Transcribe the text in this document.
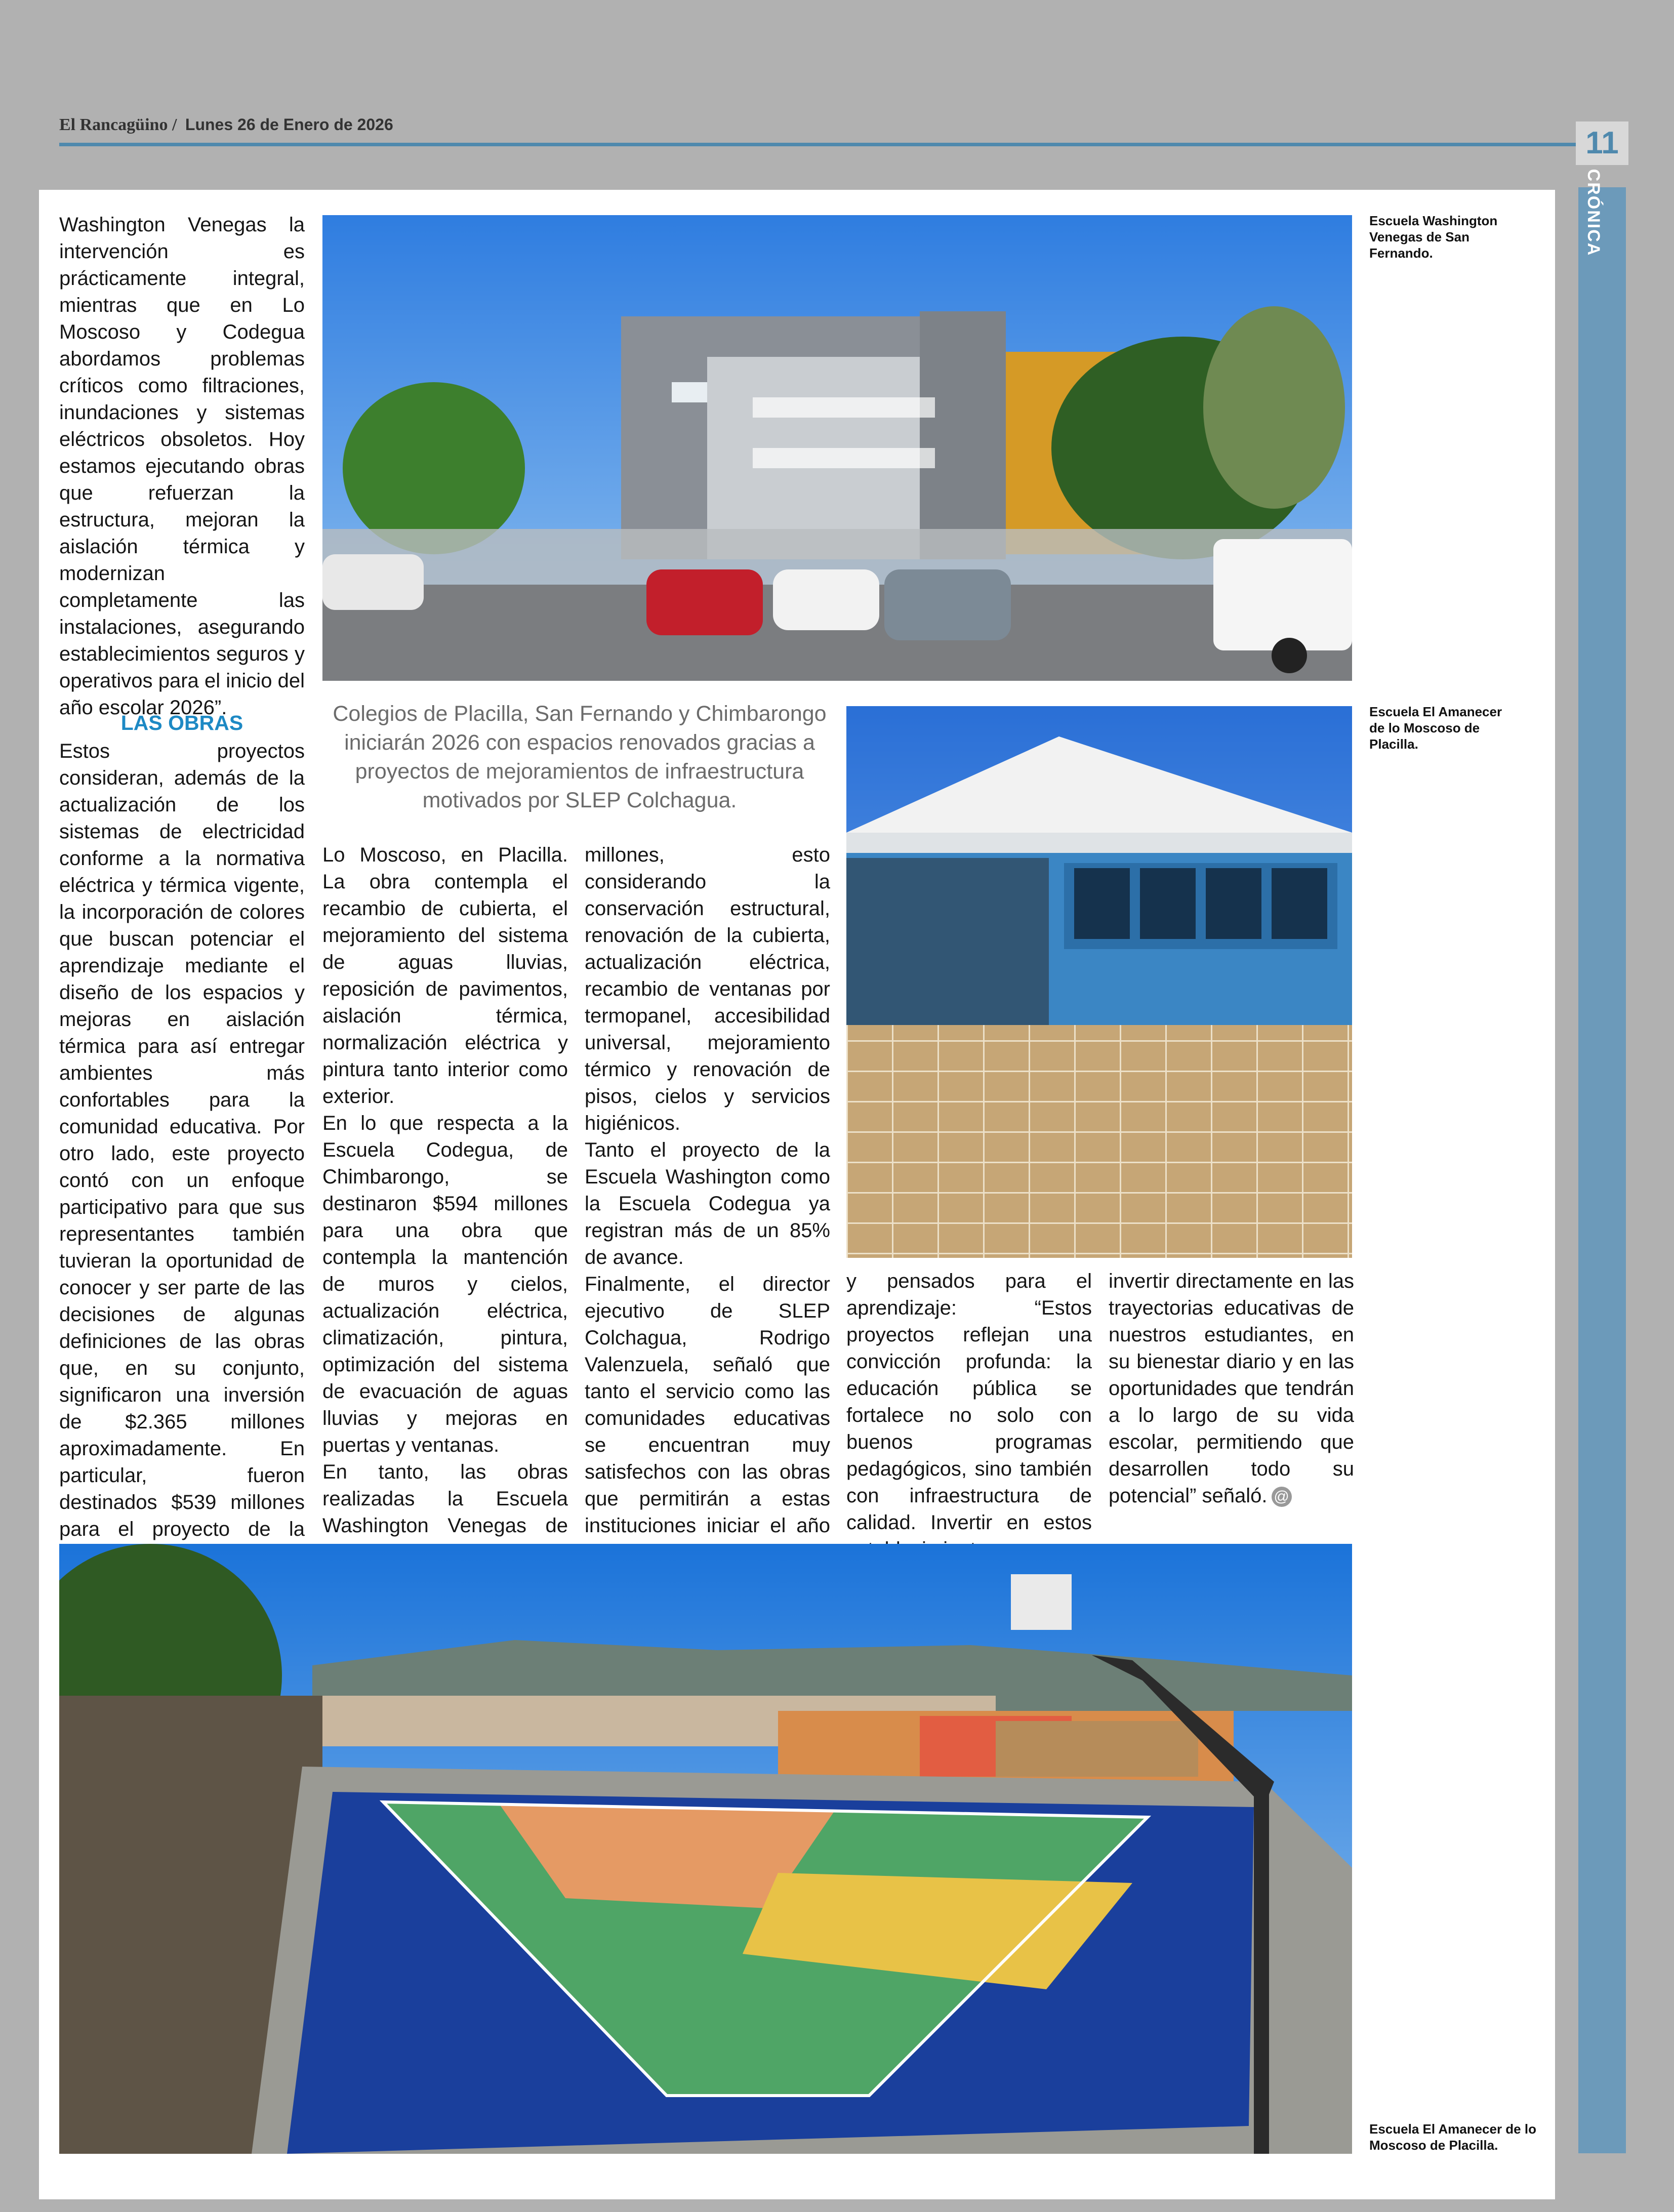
El Rancagüino / Lunes 26 de Enero de 2026
11
CRÓNICA
Washington Venegas la intervención es prácticamente integral, mientras que en Lo Moscoso y Codegua abordamos problemas críticos como filtraciones, inundaciones y sistemas eléctricos obsoletos. Hoy estamos ejecutando obras que refuerzan la estructura, mejoran la aislación térmica y modernizan completamente las instalaciones, asegurando establecimientos seguros y operativos para el inicio del año escolar 2026”.
Escuela Washington Venegas de San Fernando.
LAS OBRAS
Estos proyectos consideran, además de la actualización de los sistemas de electricidad conforme a la normativa eléctrica y térmica vigente, la incorporación de colores que buscan potenciar el aprendizaje mediante el diseño de los espacios y mejoras en aislación térmica para así entregar ambientes más confortables para la comunidad educativa. Por otro lado, este proyecto contó con un enfoque participativo para que sus representantes también tuvieran la oportunidad de conocer y ser parte de las decisiones de algunas definiciones de las obras que, en su conjunto, significaron una inversión de $2.365 millones aproximadamente. En particular, fueron destinados $539 millones para el proyecto de la
Colegios de Placilla, San Fernando y Chimbarongo iniciarán 2026 con espacios renovados gracias a proyectos de mejoramientos de infraestructura motivados por SLEP Colchagua.

Lo Moscoso, en Placilla. La obra contempla el recambio de cubierta, el mejoramiento del sistema de aguas lluvias, reposición de pavimentos, aislación térmica, normalización eléctrica y pintura tanto interior como exterior.

En lo que respecta a la Escuela Codegua, de Chimbarongo, se destinaron $594 millones para una obra que contempla la mantención de muros y cielos, actualización eléctrica, climatización, pintura, optimización del sistema de evacuación de aguas lluvias y mejoras en puertas y ventanas.

En tanto, las obras realizadas la Escuela Washington Venegas de

millones, esto considerando la conservación estructural, renovación de la cubierta, actualización eléctrica, recambio de ventanas por termopanel, accesibilidad universal, mejoramiento térmico y renovación de pisos, cielos y servicios higiénicos.

Tanto el proyecto de la Escuela Washington como la Escuela Codegua ya registran más de un 85% de avance.

Finalmente, el director ejecutivo de SLEP Colchagua, Rodrigo Valenzuela, señaló que tanto el servicio como las comunidades educativas se encuentran muy satisfechos con las obras que permitirán a estas instituciones iniciar el año

Escuela El Amanecer de lo Moscoso de Placilla.
y pensados para el aprendizaje: “Estos proyectos reflejan una convicción profunda: la educación pública se fortalece no solo con buenos programas pedagógicos, sino también con infraestructura de calidad. Invertir en estos
invertir directamente en las trayectorias educativas de nuestros estudiantes, en su bienestar diario y en las oportunidades que tendrán a lo largo de su vida escolar, permitiendo que desarrollen todo su potencial” señaló. @
Escuela El Amanecer de lo Moscoso de Placilla.
